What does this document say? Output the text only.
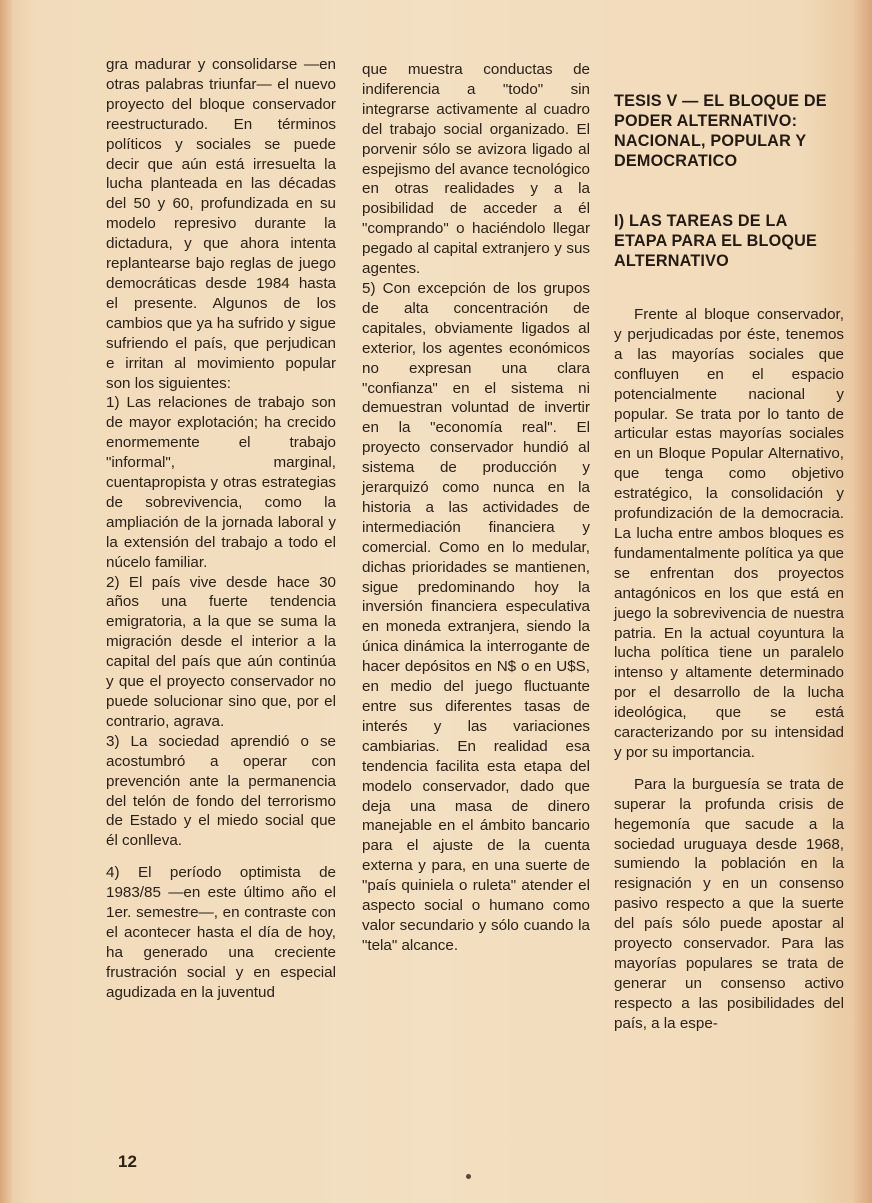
gra madurar y consolidarse —en otras palabras triunfar— el nuevo proyecto del bloque conservador reestructurado. En términos políticos y sociales se puede decir que aún está irresuelta la lucha planteada en las décadas del 50 y 60, profundizada en su modelo represivo durante la dictadura, y que ahora intenta replantearse bajo reglas de juego democráticas desde 1984 hasta el presente. Algunos de los cambios que ya ha sufrido y sigue sufriendo el país, que perjudican e irritan al movimiento popular son los siguientes:

1) Las relaciones de trabajo son de mayor explotación; ha crecido enormemente el trabajo "informal", marginal, cuentapropista y otras estrategias de sobrevivencia, como la ampliación de la jornada laboral y la extensión del trabajo a todo el núcelo familiar.

2) El país vive desde hace 30 años una fuerte tendencia emigratoria, a la que se suma la migración desde el interior a la capital del país que aún continúa y que el proyecto conservador no puede solucionar sino que, por el contrario, agrava.

3) La sociedad aprendió o se acostumbró a operar con prevención ante la permanencia del telón de fondo del terrorismo de Estado y el miedo social que él conlleva.

4) El período optimista de 1983/85 —en este último año el 1er. semestre—, en contraste con el acontecer hasta el día de hoy, ha generado una creciente frustración social y en especial agudizada en la juventud

que muestra conductas de indiferencia a "todo" sin integrarse activamente al cuadro del trabajo social organizado. El porvenir sólo se avizora ligado al espejismo del avance tecnológico en otras realidades y a la posibilidad de acceder a él "comprando" o haciéndolo llegar pegado al capital extranjero y sus agentes.

5) Con excepción de los grupos de alta concentración de capitales, obviamente ligados al exterior, los agentes económicos no expresan una clara "confianza" en el sistema ni demuestran voluntad de invertir en la "economía real". El proyecto conservador hundió al sistema de producción y jerarquizó como nunca en la historia a las actividades de intermediación financiera y comercial. Como en lo medular, dichas prioridades se mantienen, sigue predominando hoy la inversión financiera especulativa en moneda extranjera, siendo la única dinámica la interrogante de hacer depósitos en N$ o en U$S, en medio del juego fluctuante entre sus diferentes tasas de interés y las variaciones cambiarias. En realidad esa tendencia facilita esta etapa del modelo conservador, dado que deja una masa de dinero manejable en el ámbito bancario para el ajuste de la cuenta externa y para, en una suerte de "país quiniela o ruleta" atender el aspecto social o humano como valor secundario y sólo cuando la "tela" alcance.

TESIS V — EL BLOQUE DE PODER ALTERNATIVO: NACIONAL, POPULAR Y DEMOCRATICO
I) LAS TAREAS DE LA ETAPA PARA EL BLOQUE ALTERNATIVO

Frente al bloque conservador, y perjudicadas por éste, tenemos a las mayorías sociales que confluyen en el espacio potencialmente nacional y popular. Se trata por lo tanto de articular estas mayorías sociales en un Bloque Popular Alternativo, que tenga como objetivo estratégico, la consolidación y profundización de la democracia. La lucha entre ambos bloques es fundamentalmente política ya que se enfrentan dos proyectos antagónicos en los que está en juego la sobrevivencia de nuestra patria. En la actual coyuntura la lucha política tiene un paralelo intenso y altamente determinado por el desarrollo de la lucha ideológica, que se está caracterizando por su intensidad y por su importancia.

Para la burguesía se trata de superar la profunda crisis de hegemonía que sacude a la sociedad uruguaya desde 1968, sumiendo la población en la resignación y en un consenso pasivo respecto a que la suerte del país sólo puede apostar al proyecto conservador. Para las mayorías populares se trata de generar un consenso activo respecto a las posibilidades del país, a la espe-

12
